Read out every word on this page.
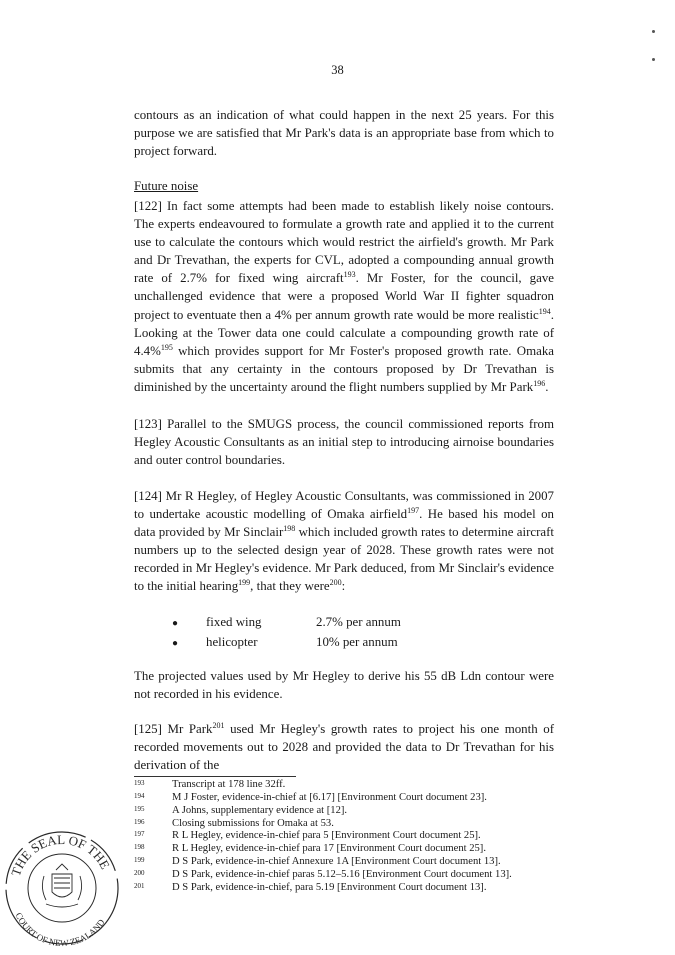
38

contours as an indication of what could happen in the next 25 years. For this purpose we are satisfied that Mr Park's data is an appropriate base from which to project forward.

Future noise

[122] In fact some attempts had been made to establish likely noise contours. The experts endeavoured to formulate a growth rate and applied it to the current use to calculate the contours which would restrict the airfield's growth. Mr Park and Dr Trevathan, the experts for CVL, adopted a compounding annual growth rate of 2.7% for fixed wing aircraft$^{193}$. Mr Foster, for the council, gave unchallenged evidence that were a proposed World War II fighter squadron project to eventuate then a 4% per annum growth rate would be more realistic$^{194}$. Looking at the Tower data one could calculate a compounding growth rate of 4.4%$^{195}$ which provides support for Mr Foster's proposed growth rate. Omaka submits that any certainty in the contours proposed by Dr Trevathan is diminished by the uncertainty around the flight numbers supplied by Mr Park$^{196}$.

[123] Parallel to the SMUGS process, the council commissioned reports from Hegley Acoustic Consultants as an initial step to introducing airnoise boundaries and outer control boundaries.

[124] Mr R Hegley, of Hegley Acoustic Consultants, was commissioned in 2007 to undertake acoustic modelling of Omaka airfield$^{197}$. He based his model on data provided by Mr Sinclair$^{198}$ which included growth rates to determine aircraft numbers up to the selected design year of 2028. These growth rates were not recorded in Mr Hegley's evidence. Mr Park deduced, from Mr Sinclair's evidence to the initial hearing$^{199}$, that they were$^{200}$:

●	fixed wing	2.7% per annum
●	helicopter	10% per annum

The projected values used by Mr Hegley to derive his 55 dB Ldn contour were not recorded in his evidence.

[125] Mr Park$^{201}$ used Mr Hegley's growth rates to project his one month of recorded movements out to 2028 and provided the data to Dr Trevathan for his derivation of the

193	Transcript at 178 line 32ff.
194	M J Foster, evidence-in-chief at [6.17] [Environment Court document 23].
195	A Johns, supplementary evidence at [12].
196	Closing submissions for Omaka at 53.
197	R L Hegley, evidence-in-chief para 5 [Environment Court document 25].
198	R L Hegley, evidence-in-chief para 17 [Environment Court document 25].
199	D S Park, evidence-in-chief Annexure 1A [Environment Court document 13].
200	D S Park, evidence-in-chief paras 5.12–5.16 [Environment Court document 13].
201	D S Park, evidence-in-chief, para 5.19 [Environment Court document 13].
THE SEAL OF THE
COURT OF NEW ZEALAND
